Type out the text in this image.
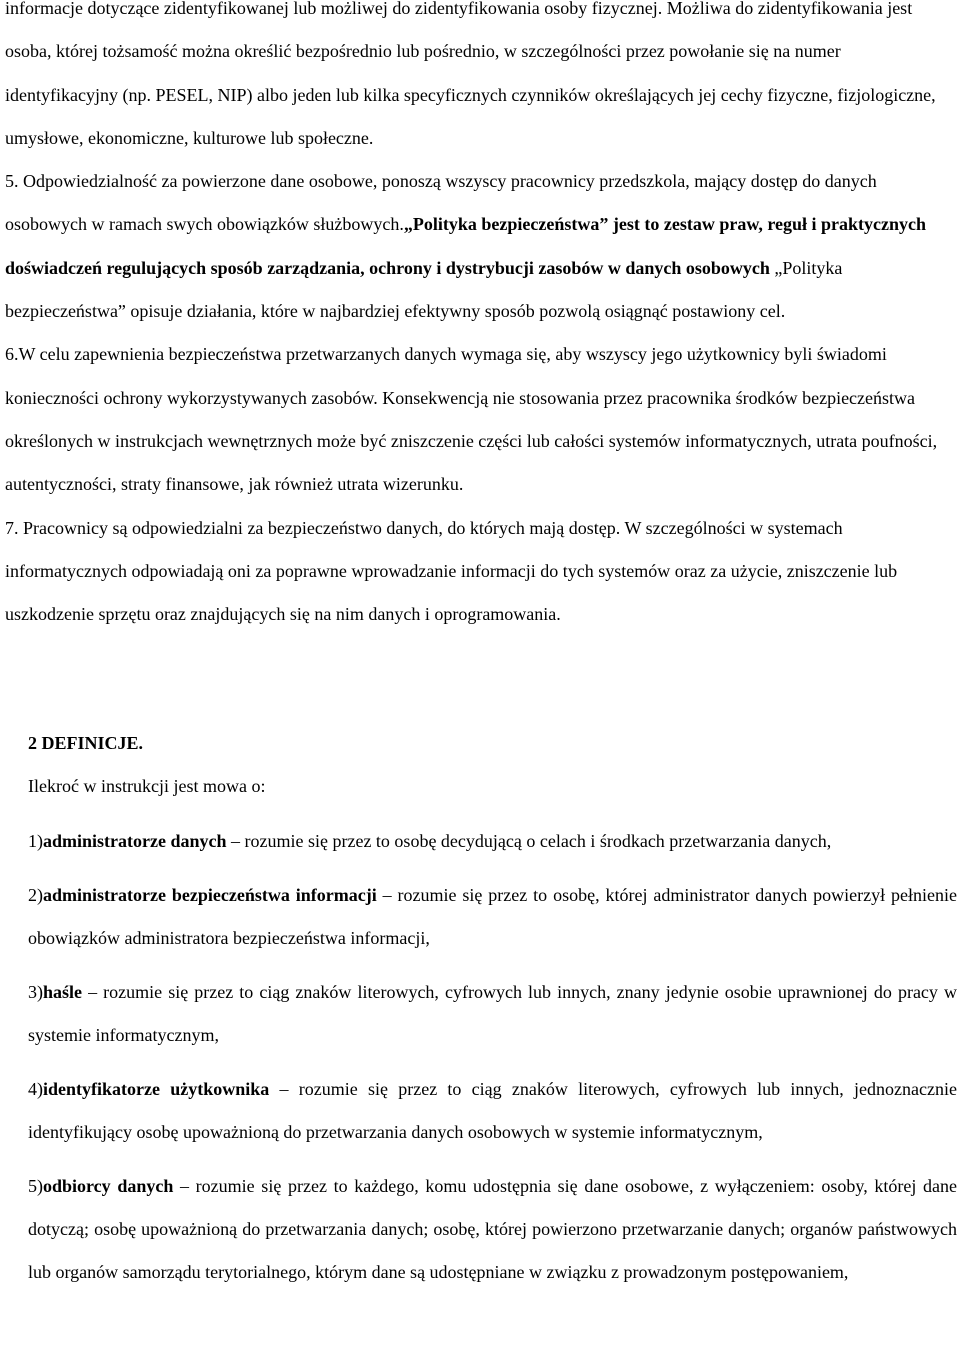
informacje dotyczące zidentyfikowanej lub możliwej do zidentyfikowania osoby fizycznej. Możliwa do zidentyfikowania jest osoba, której tożsamość można określić bezpośrednio lub pośrednio, w szczególności przez powołanie się na numer identyfikacyjny (np. PESEL, NIP) albo jeden lub kilka specyficznych czynników określających jej cechy fizyczne, fizjologiczne, umysłowe, ekonomiczne, kulturowe lub społeczne.

5. Odpowiedzialność za powierzone dane osobowe, ponoszą wszyscy pracownicy przedszkola, mający dostęp do danych osobowych w ramach swych obowiązków służbowych.„Polityka bezpieczeństwa” jest to zestaw praw, reguł i praktycznych doświadczeń regulujących sposób zarządzania, ochrony i dystrybucji zasobów w danych osobowych „Polityka bezpieczeństwa” opisuje działania, które w najbardziej efektywny sposób pozwolą osiągnąć postawiony cel.

6.W celu zapewnienia bezpieczeństwa przetwarzanych danych wymaga się, aby wszyscy jego użytkownicy byli świadomi konieczności ochrony wykorzystywanych zasobów. Konsekwencją nie stosowania przez pracownika środków bezpieczeństwa określonych w instrukcjach wewnętrznych może być zniszczenie części lub całości systemów informatycznych, utrata poufności, autentyczności, straty finansowe, jak również utrata wizerunku.

7. Pracownicy są odpowiedzialni za bezpieczeństwo danych, do których mają dostęp. W szczególności w systemach informatycznych odpowiadają oni za poprawne wprowadzanie informacji do tych systemów oraz za użycie, zniszczenie lub uszkodzenie sprzętu oraz znajdujących się na nim danych i oprogramowania.

2 DEFINICJE.

Ilekroć w instrukcji jest mowa o:

1)administratorze danych – rozumie się przez to osobę decydującą o celach i środkach przetwarzania danych,

2)administratorze bezpieczeństwa informacji – rozumie się przez to osobę, której administrator danych powierzył pełnienie obowiązków administratora bezpieczeństwa informacji,

3)haśle – rozumie się przez to ciąg znaków literowych, cyfrowych lub innych, znany jedynie osobie uprawnionej do pracy w systemie informatycznym,

4)identyfikatorze użytkownika – rozumie się przez to ciąg znaków literowych, cyfrowych lub innych, jednoznacznie identyfikujący osobę upoważnioną do przetwarzania danych osobowych w systemie informatycznym,

5)odbiorcy danych – rozumie się przez to każdego, komu udostępnia się dane osobowe, z wyłączeniem: osoby, której dane dotyczą; osobę upoważnioną do przetwarzania danych; osobę, której powierzono przetwarzanie danych; organów państwowych lub organów samorządu terytorialnego, którym dane są udostępniane w związku z prowadzonym postępowaniem,
